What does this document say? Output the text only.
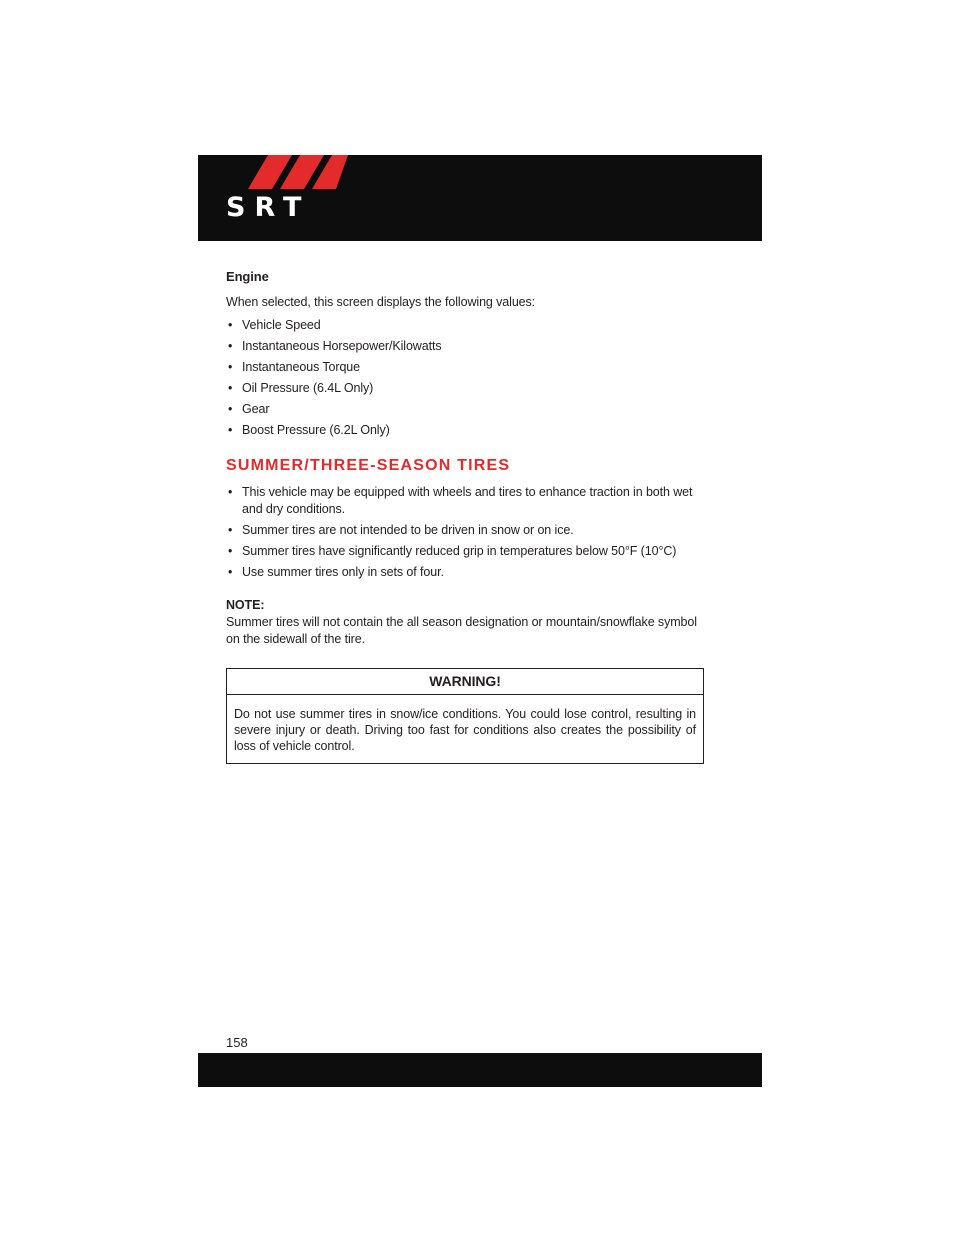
SRT
Engine

When selected, this screen displays the following values:

• Vehicle Speed
• Instantaneous Horsepower/Kilowatts
• Instantaneous Torque
• Oil Pressure (6.4L Only)
• Gear
• Boost Pressure (6.2L Only)
SUMMER/THREE-SEASON TIRES
• This vehicle may be equipped with wheels and tires to enhance traction in both wet and dry conditions.
• Summer tires are not intended to be driven in snow or on ice.
• Summer tires have significantly reduced grip in temperatures below 50°F (10°C)
• Use summer tires only in sets of four.
NOTE:

Summer tires will not contain the all season designation or mountain/snowflake symbol on the sidewall of the tire.

WARNING!
Do not use summer tires in snow/ice conditions. You could lose control, resulting in severe injury or death. Driving too fast for conditions also creates the possibility of loss of vehicle control.
158
